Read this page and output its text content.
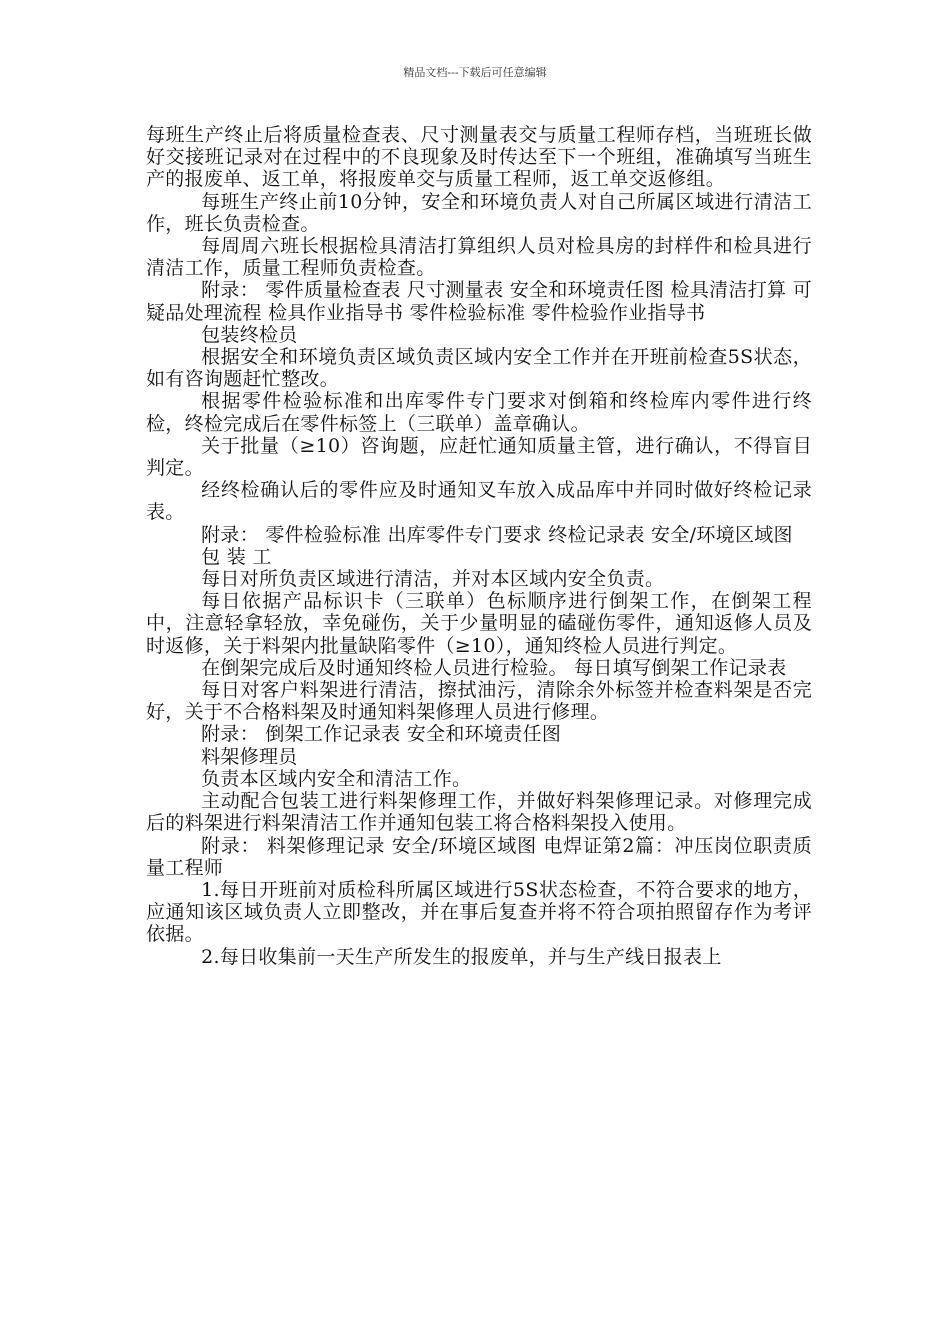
精品文档---下载后可任意编辑

每班生产终止后将质量检查表、尺寸测量表交与质量工程师存档，当班班长做好交接班记录对在过程中的不良现象及时传达至下一个班组，准确填写当班生产的报废单、返工单，将报废单交与质量工程师，返工单交返修组。

每班生产终止前10分钟，安全和环境负责人对自己所属区域进行清洁工作，班长负责检查。

每周周六班长根据检具清洁打算组织人员对检具房的封样件和检具进行清洁工作，质量工程师负责检查。

附录： 零件质量检查表 尺寸测量表 安全和环境责任图 检具清洁打算 可疑品处理流程 检具作业指导书 零件检验标准 零件检验作业指导书

包装终检员

根据安全和环境负责区域负责区域内安全工作并在开班前检查5S状态，如有咨询题赶忙整改。

根据零件检验标准和出库零件专门要求对倒箱和终检库内零件进行终检，终检完成后在零件标签上（三联单）盖章确认。

关于批量（≥10）咨询题，应赶忙通知质量主管，进行确认，不得盲目判定。

经终检确认后的零件应及时通知叉车放入成品库中并同时做好终检记录表。

附录： 零件检验标准 出库零件专门要求 终检记录表 安全/环境区域图

包 装 工

每日对所负责区域进行清洁，并对本区域内安全负责。

每日依据产品标识卡（三联单）色标顺序进行倒架工作，在倒架工程中，注意轻拿轻放，幸免碰伤，关于少量明显的磕碰伤零件，通知返修人员及时返修，关于料架内批量缺陷零件（≥10），通知终检人员进行判定。

在倒架完成后及时通知终检人员进行检验。 每日填写倒架工作记录表

每日对客户料架进行清洁，擦拭油污，清除余外标签并检查料架是否完好，关于不合格料架及时通知料架修理人员进行修理。

附录： 倒架工作记录表 安全和环境责任图

料架修理员

负责本区域内安全和清洁工作。

主动配合包装工进行料架修理工作，并做好料架修理记录。对修理完成后的料架进行料架清洁工作并通知包装工将合格料架投入使用。

附录： 料架修理记录 安全/环境区域图 电焊证第2篇：冲压岗位职责质量工程师

1.每日开班前对质检科所属区域进行5S状态检查，不符合要求的地方，应通知该区域负责人立即整改，并在事后复查并将不符合项拍照留存作为考评依据。

2.每日收集前一天生产所发生的报废单，并与生产线日报表上
